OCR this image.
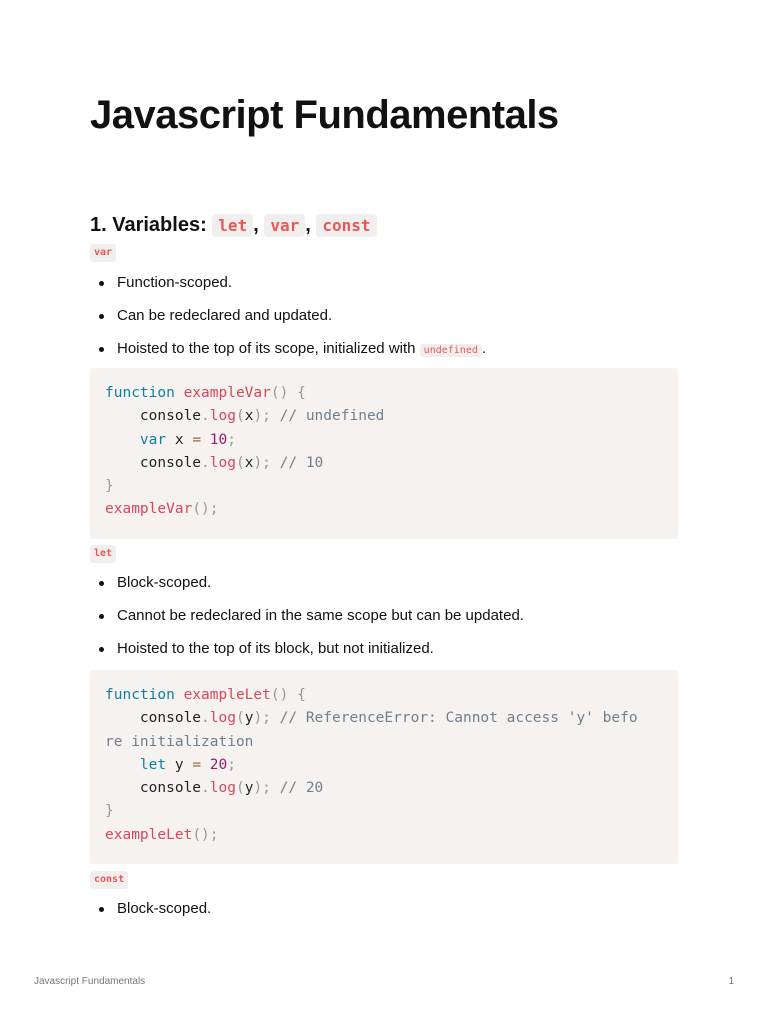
Javascript Fundamentals
1. Variables: let , var , const
var
Function-scoped.
Can be redeclared and updated.
Hoisted to the top of its scope, initialized with undefined .
function exampleVar() {
console.log(x); // undefined
var x = 10;
console.log(x); // 10
}
exampleVar();
let
Block-scoped.
Cannot be redeclared in the same scope but can be updated.
Hoisted to the top of its block, but not initialized.
function exampleLet() {
console.log(y); // ReferenceError: Cannot access 'y' befo
re initialization
let y = 20;
console.log(y); // 20
}
exampleLet();
const
Block-scoped.
Javascript Fundamentals	1
